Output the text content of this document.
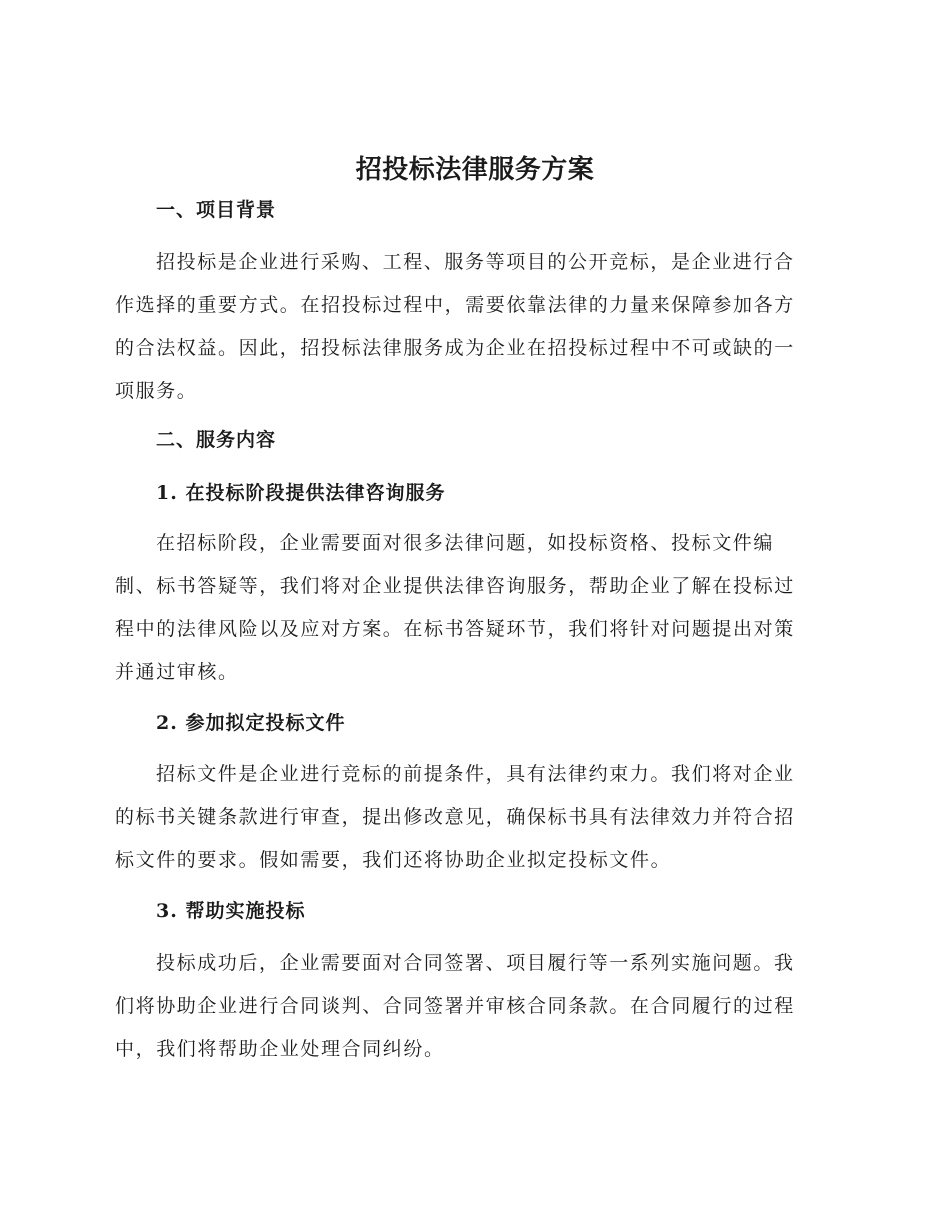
招投标法律服务方案
一、项目背景
招投标是企业进行采购、工程、服务等项目的公开竞标，是企业进行合
作选择的重要方式。在招投标过程中，需要依靠法律的力量来保障参加各方
的合法权益。因此，招投标法律服务成为企业在招投标过程中不可或缺的一
项服务。
二、服务内容
1. 在投标阶段提供法律咨询服务
在招标阶段，企业需要面对很多法律问题，如投标资格、投标文件编
制、标书答疑等，我们将对企业提供法律咨询服务，帮助企业了解在投标过
程中的法律风险以及应对方案。在标书答疑环节，我们将针对问题提出对策
并通过审核。
2. 参加拟定投标文件
招标文件是企业进行竞标的前提条件，具有法律约束力。我们将对企业
的标书关键条款进行审查，提出修改意见，确保标书具有法律效力并符合招
标文件的要求。假如需要，我们还将协助企业拟定投标文件。
3. 帮助实施投标
投标成功后，企业需要面对合同签署、项目履行等一系列实施问题。我
们将协助企业进行合同谈判、合同签署并审核合同条款。在合同履行的过程
中，我们将帮助企业处理合同纠纷。
